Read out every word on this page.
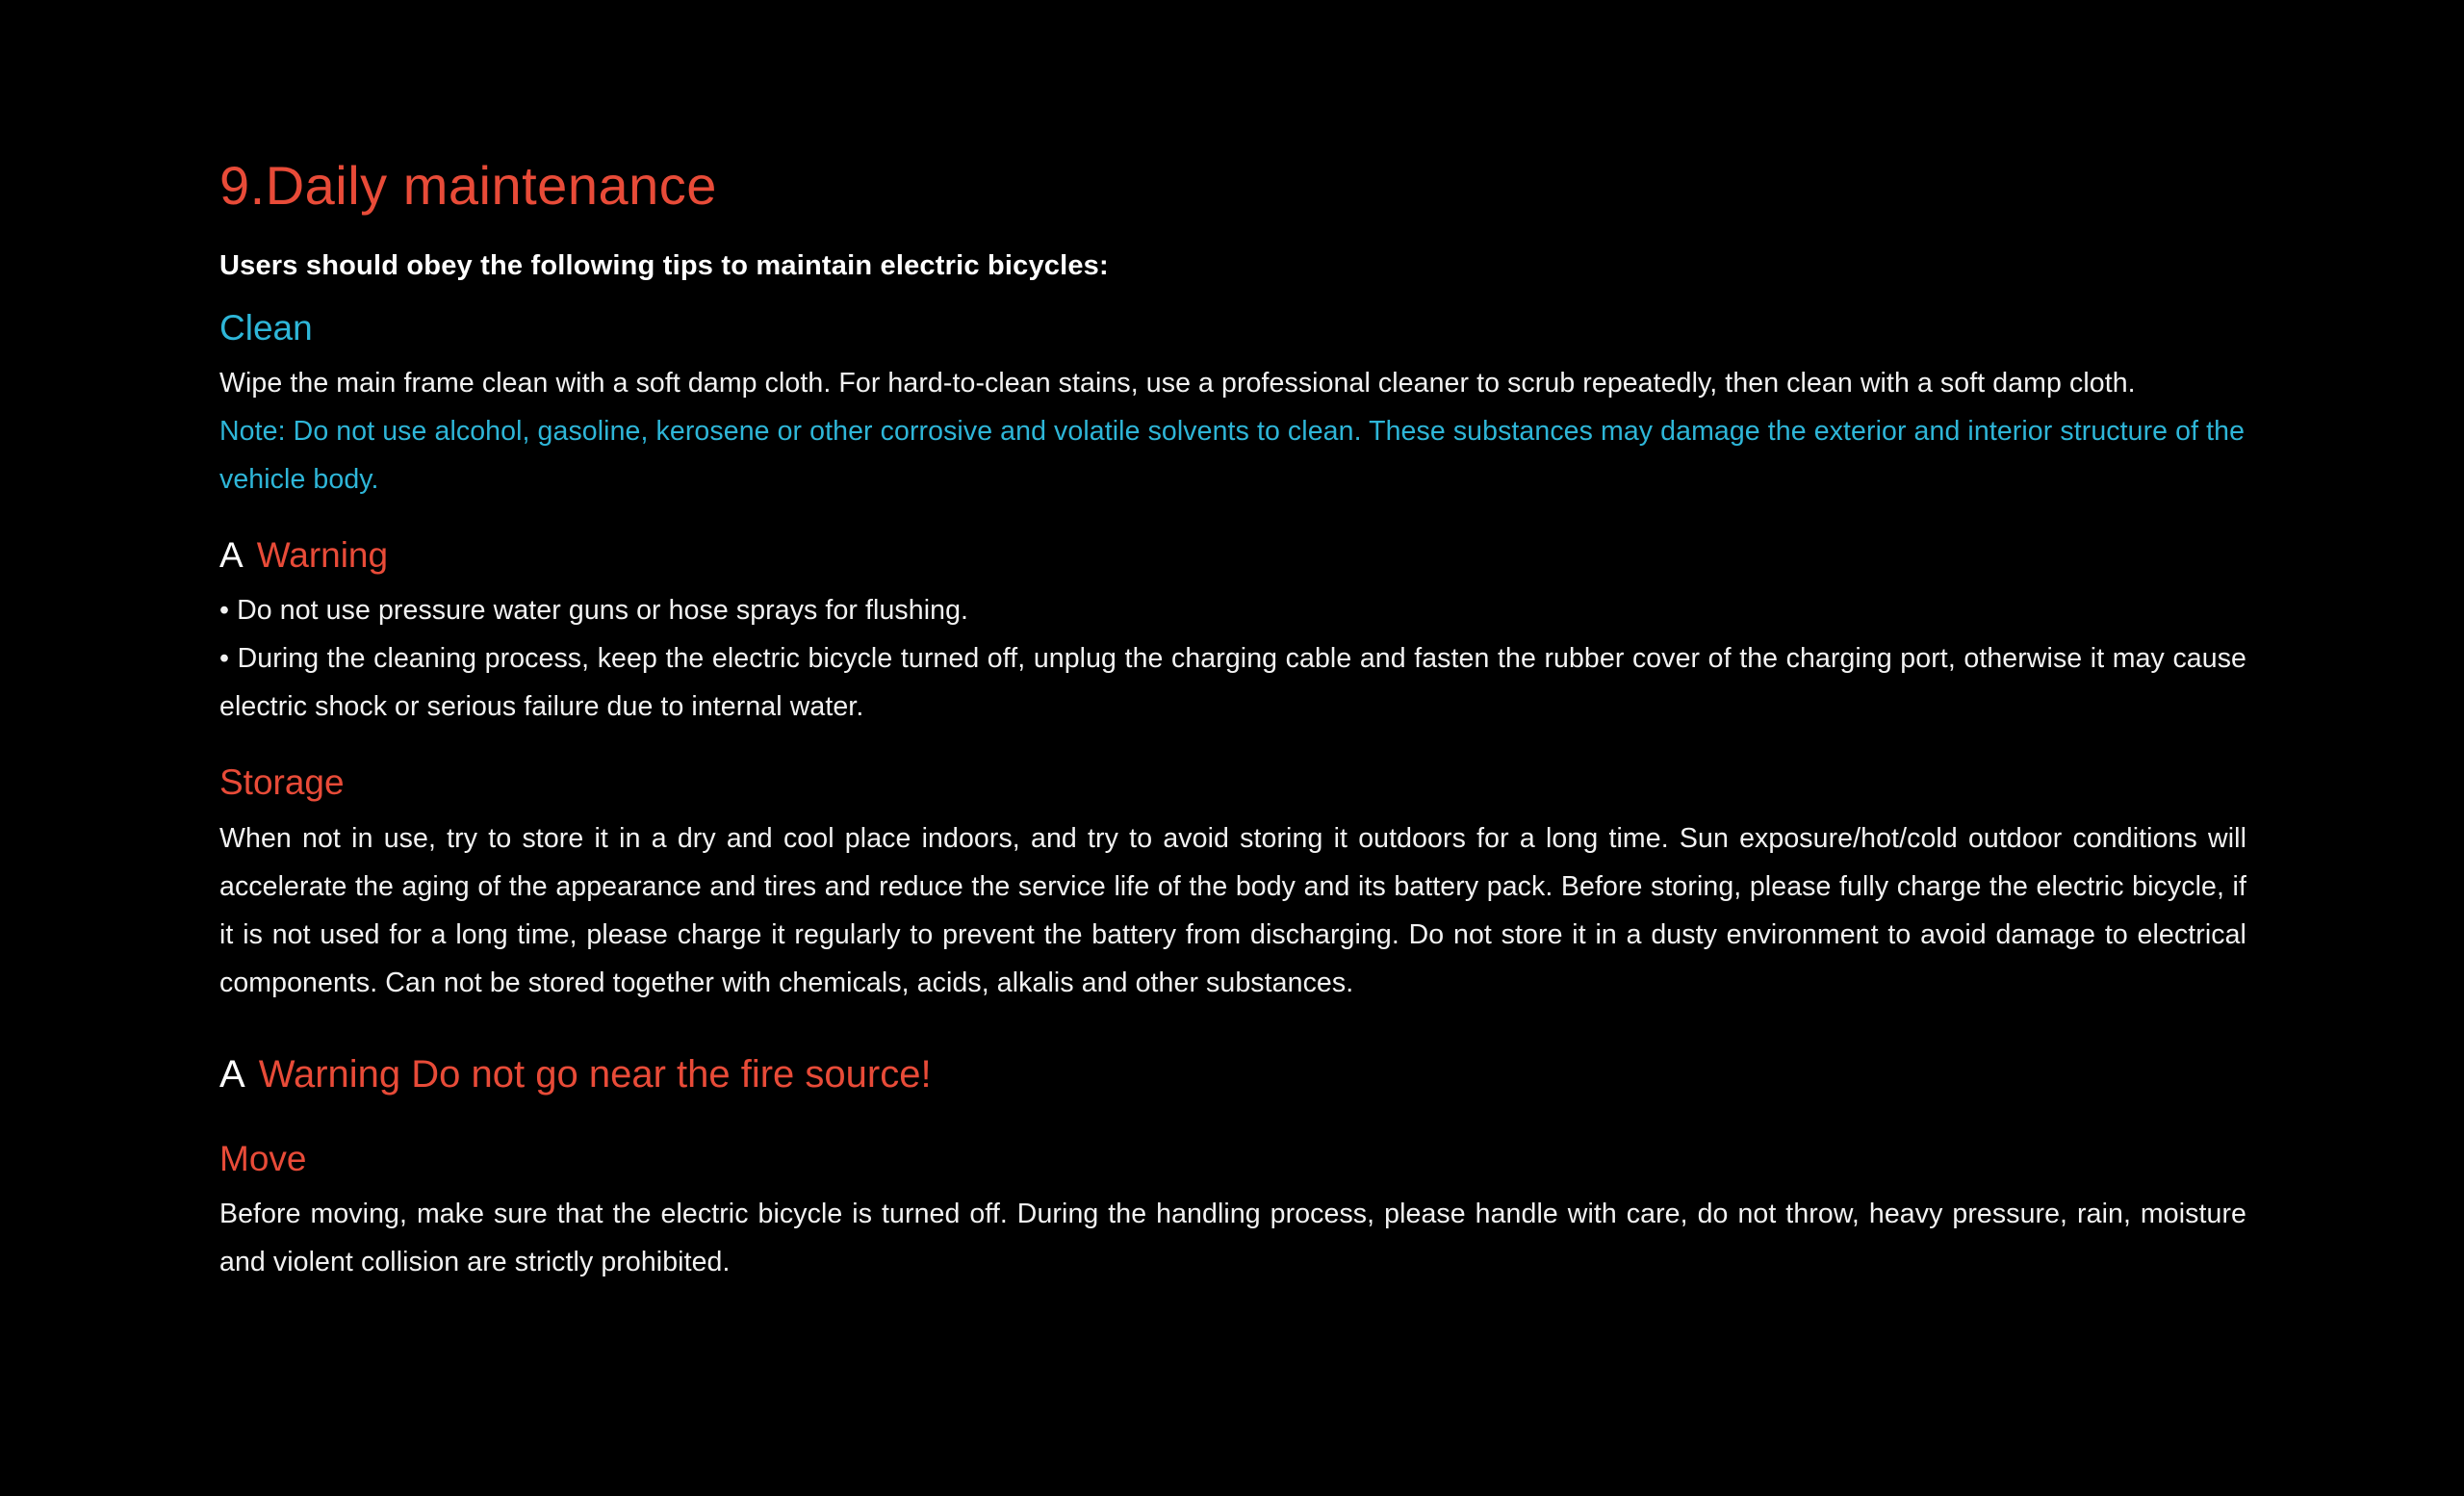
9.Daily maintenance

Users should obey the following tips to maintain electric bicycles:

Clean

Wipe the main frame clean with a soft damp cloth. For hard-to-clean stains, use a professional cleaner to scrub repeatedly, then clean with a soft damp cloth.

Note: Do not use alcohol, gasoline, kerosene or other corrosive and volatile solvents to clean. These substances may damage the exterior and interior structure of the vehicle body.

A Warning

• Do not use pressure water guns or hose sprays for flushing.

• During the cleaning process, keep the electric bicycle turned off, unplug the charging cable and fasten the rubber cover of the charging port, otherwise it may cause electric shock or serious failure due to internal water.

Storage

When not in use, try to store it in a dry and cool place indoors, and try to avoid storing it outdoors for a long time. Sun exposure/hot/cold outdoor conditions will accelerate the aging of the appearance and tires and reduce the service life of the body and its battery pack. Before storing, please fully charge the electric bicycle, if it is not used for a long time, please charge it regularly to prevent the battery from discharging. Do not store it in a dusty environment to avoid damage to electrical components. Can not be stored together with chemicals, acids, alkalis and other substances.

A Warning Do not go near the fire source!
Move

Before moving, make sure that the electric bicycle is turned off. During the handling process, please handle with care, do not throw, heavy pressure, rain, moisture and violent collision are strictly prohibited.
